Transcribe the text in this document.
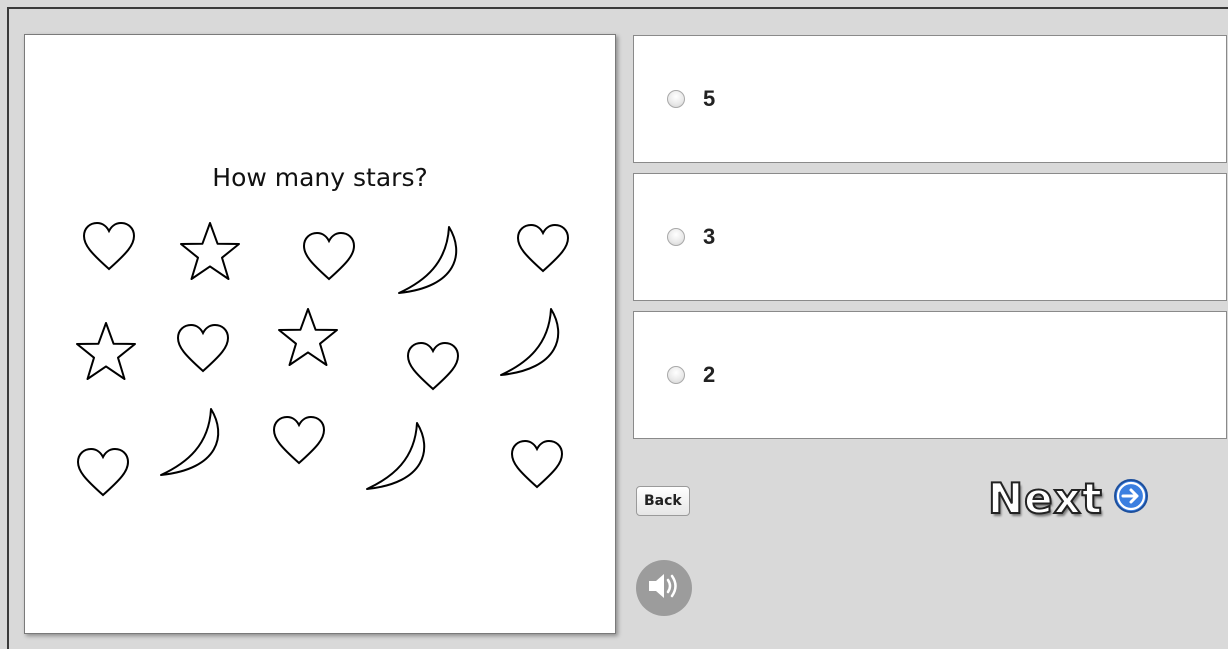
How many stars?
5
3
2
Back	Next
